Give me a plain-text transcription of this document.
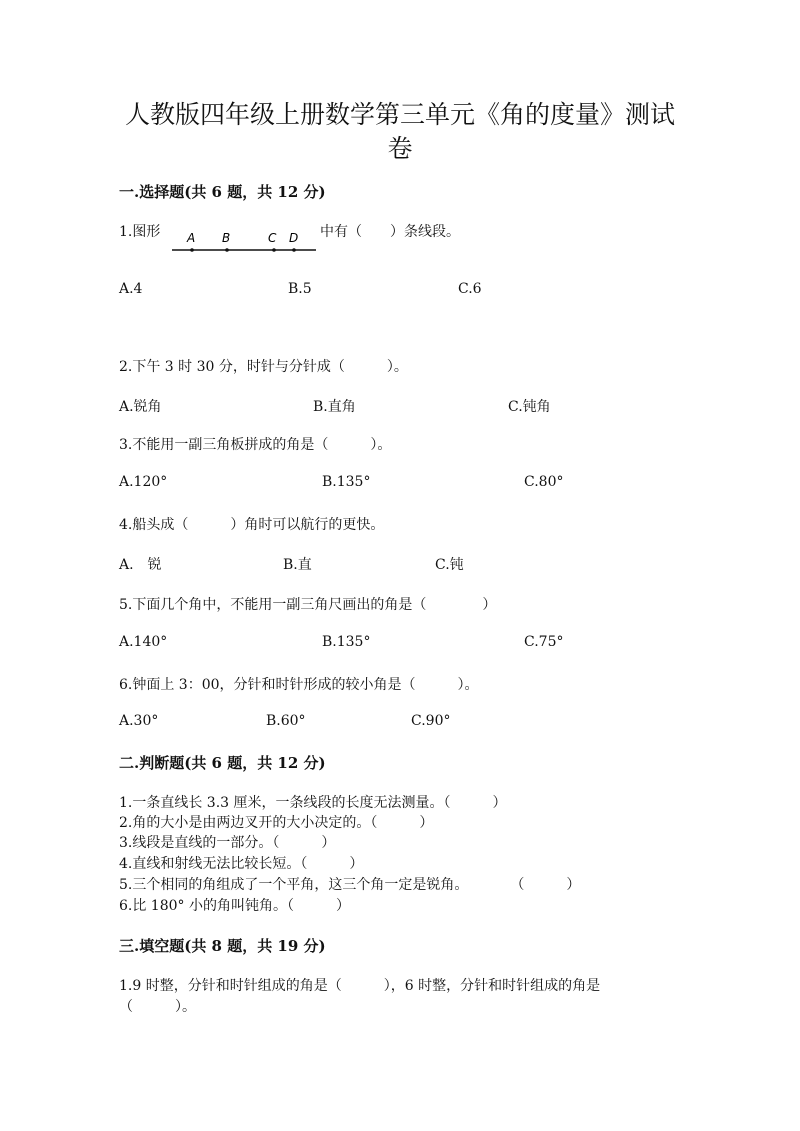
人教版四年级上册数学第三单元《角的度量》测试
卷
一.选择题(共 6 题，共 12 分)
1.图形 A B	C D 中有（　　）条线段。
A.4	B.5	C.6
2.下午 3 时 30 分，时针与分针成（　　　）。
A.锐角	B.直角	C.钝角
3.不能用一副三角板拼成的角是（　　　）。
A.120°	B.135°	C.80°
4.船头成（　　　）角时可以航行的更快。
A.　锐	B.直	C.钝
5.下面几个角中，不能用一副三角尺画出的角是（　　　　）
A.140°	B.135°	C.75°
6.钟面上 3：00，分针和时针形成的较小角是（　　　）。
A.30°	B.60°	C.90°
二.判断题(共 6 题，共 12 分)
1.一条直线长 3.3 厘米，一条线段的长度无法测量。（　　　）
2.角的大小是由两边叉开的大小决定的。（　　　）
3.线段是直线的一部分。（　　　）
4.直线和射线无法比较长短。（　　　）
5.三个相同的角组成了一个平角，这三个角一定是锐角。　　　　（　　　）
6.比 180° 小的角叫钝角。（　　　）
三.填空题(共 8 题，共 19 分)
1.9 时整，分针和时针组成的角是（　　　），6 时整，分针和时针组成的角是
（　　　）。
